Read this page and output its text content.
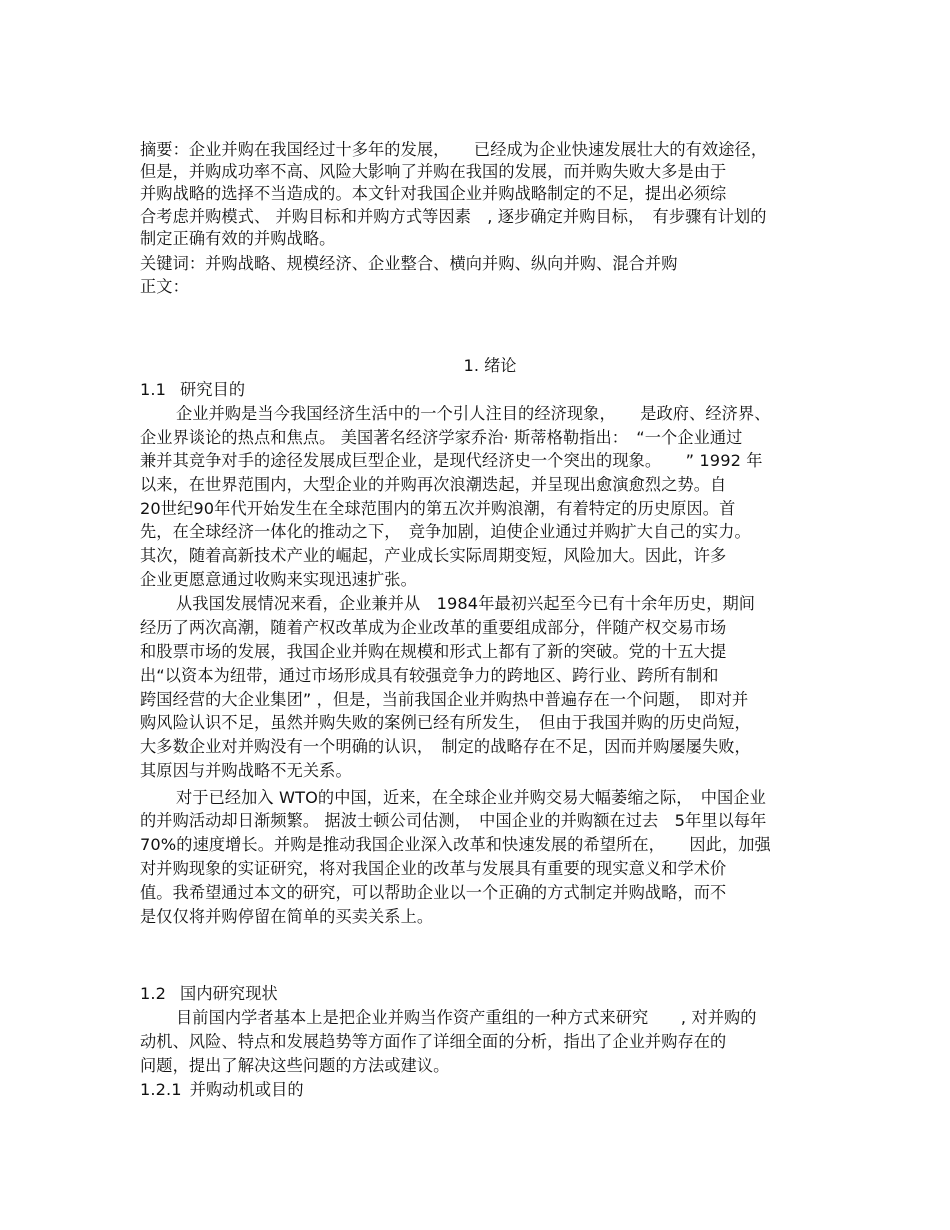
摘要：企业并购在我国经过十多年的发展，　　已经成为企业快速发展壮大的有效途径，
但是，并购成功率不高、风险大影响了并购在我国的发展，而并购失败大多是由于
并购战略的选择不当造成的。本文针对我国企业并购战略制定的不足，提出必须综
合考虑并购模式、 并购目标和并购方式等因素　, 逐步确定并购目标，　有步骤有计划的
制定正确有效的并购战略。
关键词：并购战略、规模经济、企业整合、横向并购、纵向并购、混合并购
正文：
1. 绪论
1.1 研究目的
企业并购是当今我国经济生活中的一个引人注目的经济现象，　　是政府、经济界、
企业界谈论的热点和焦点。 美国著名经济学家乔治· 斯蒂格勒指出：　“一个企业通过
兼并其竞争对手的途径发展成巨型企业，是现代经济史一个突出的现象。　　” 1992 年
以来，在世界范围内，大型企业的并购再次浪潮迭起，并呈现出愈演愈烈之势。自
20世纪90年代开始发生在全球范围内的第五次并购浪潮，有着特定的历史原因。首
先，在全球经济一体化的推动之下，　竞争加剧，迫使企业通过并购扩大自己的实力。
其次，随着高新技术产业的崛起，产业成长实际周期变短，风险加大。因此，许多
企业更愿意通过收购来实现迅速扩张。
从我国发展情况来看，企业兼并从　1984年最初兴起至今已有十余年历史，期间
经历了两次高潮，随着产权改革成为企业改革的重要组成部分，伴随产权交易市场
和股票市场的发展，我国企业并购在规模和形式上都有了新的突破。党的十五大提
出“以资本为纽带，通过市场形成具有较强竞争力的跨地区、跨行业、跨所有制和
跨国经营的大企业集团” ，但是，当前我国企业并购热中普遍存在一个问题，　即对并
购风险认识不足，虽然并购失败的案例已经有所发生，　但由于我国并购的历史尚短，
大多数企业对并购没有一个明确的认识，　制定的战略存在不足，因而并购屡屡失败，
其原因与并购战略不无关系。
对于已经加入 WTO的中国，近来，在全球企业并购交易大幅萎缩之际，　中国企业
的并购活动却日渐频繁。 据波士顿公司估测，　中国企业的并购额在过去　5年里以每年
70%的速度增长。并购是推动我国企业深入改革和快速发展的希望所在，　　因此，加强
对并购现象的实证研究，将对我国企业的改革与发展具有重要的现实意义和学术价
值。我希望通过本文的研究，可以帮助企业以一个正确的方式制定并购战略，而不
是仅仅将并购停留在简单的买卖关系上。
1.2 国内研究现状
目前国内学者基本上是把企业并购当作资产重组的一种方式来研究　　, 对并购的
动机、风险、特点和发展趋势等方面作了详细全面的分析，指出了企业并购存在的
问题，提出了解决这些问题的方法或建议。
1.2.1 并购动机或目的
